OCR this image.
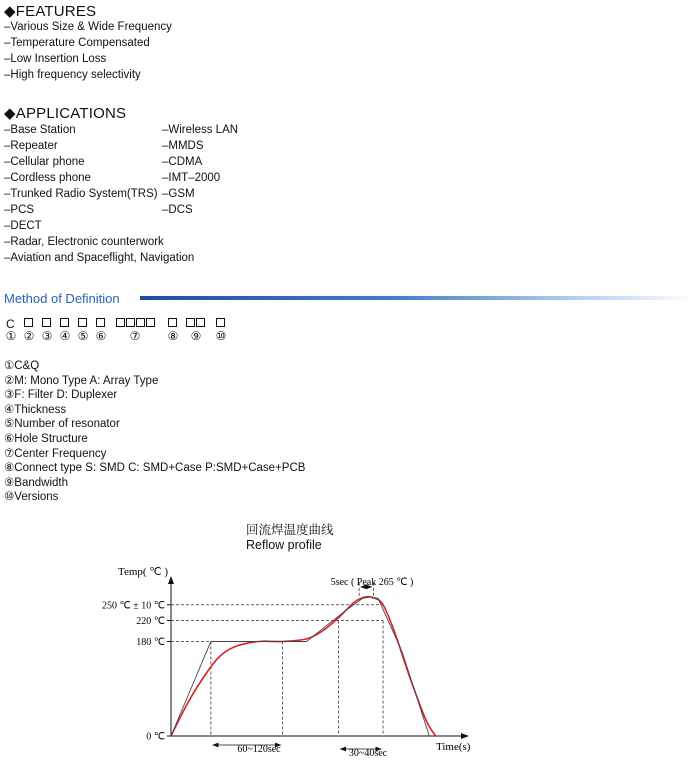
◆FEATURES
–Various Size & Wide Frequency
–Temperature Compensated
–Low Insertion Loss
–High frequency selectivity
◆APPLICATIONS
–Base Station
–Repeater
–Cellular phone
–Cordless phone
–Trunked Radio System(TRS)
–PCS
–DECT
–Radar, Electronic counterwork
–Aviation and Spaceflight, Navigation
–Wireless LAN
–MMDS
–CDMA
–IMT–2000
–GSM
–DCS
Method of Definition
C
① ② ③ ④ ⑤ ⑥ ⑦ ⑧ ⑨ ⑩
①C&Q
②M: Mono Type A: Array Type
③F: Filter D: Duplexer
④Thickness
⑤Number of resonator
⑥Hole Structure
⑦Center Frequency
⑧Connect type S: SMD C: SMD+Case P:SMD+Case+PCB
⑨Bandwidth
⑩Versions
回流焊温度曲线
Reflow profile
Temp( ℃ )
Time(s)
5sec ( Peak 265 ℃ )
60~120sec	30~40sec
0 ℃
180 ℃
220 ℃
250 ℃ ± 10 ℃
